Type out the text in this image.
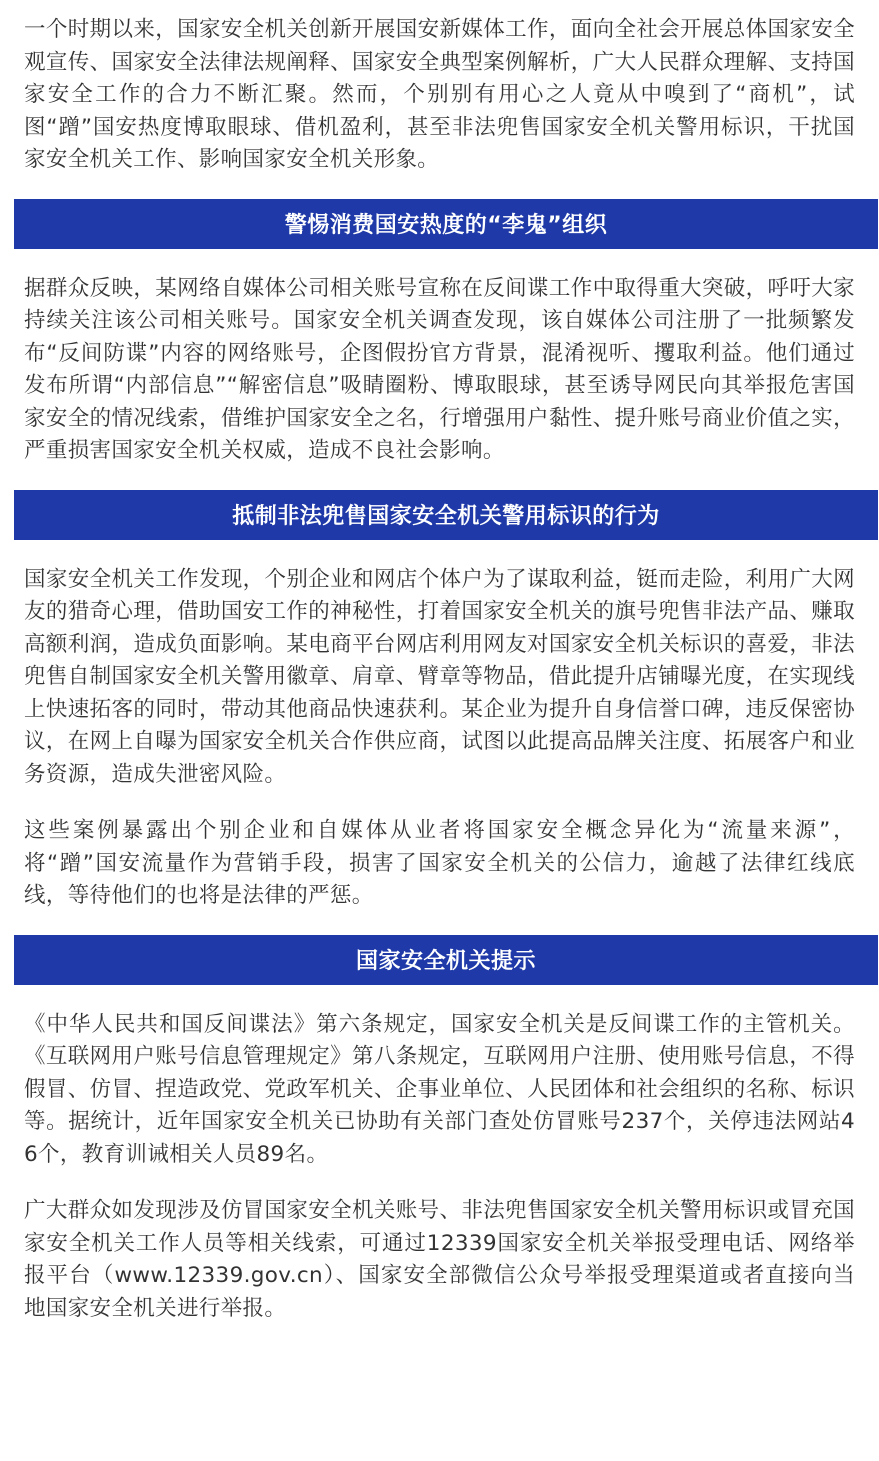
一个时期以来，国家安全机关创新开展国安新媒体工作，面向全社会开展总体国家安全观宣传、国家安全法律法规阐释、国家安全典型案例解析，广大人民群众理解、支持国家安全工作的合力不断汇聚。然而，个别别有用心之人竟从中嗅到了“商机”，试图“蹭”国安热度博取眼球、借机盈利，甚至非法兜售国家安全机关警用标识，干扰国家安全机关工作、影响国家安全机关形象。

警惕消费国安热度的“李鬼”组织

据群众反映，某网络自媒体公司相关账号宣称在反间谍工作中取得重大突破，呼吁大家持续关注该公司相关账号。国家安全机关调查发现，该自媒体公司注册了一批频繁发布“反间防谍”内容的网络账号，企图假扮官方背景，混淆视听、攫取利益。他们通过发布所谓“内部信息”“解密信息”吸睛圈粉、博取眼球，甚至诱导网民向其举报危害国家安全的情况线索，借维护国家安全之名，行增强用户黏性、提升账号商业价值之实，严重损害国家安全机关权威，造成不良社会影响。

抵制非法兜售国家安全机关警用标识的行为

国家安全机关工作发现，个别企业和网店个体户为了谋取利益，铤而走险，利用广大网友的猎奇心理，借助国安工作的神秘性，打着国家安全机关的旗号兜售非法产品、赚取高额利润，造成负面影响。某电商平台网店利用网友对国家安全机关标识的喜爱，非法兜售自制国家安全机关警用徽章、肩章、臂章等物品，借此提升店铺曝光度，在实现线上快速拓客的同时，带动其他商品快速获利。某企业为提升自身信誉口碑，违反保密协议，在网上自曝为国家安全机关合作供应商，试图以此提高品牌关注度、拓展客户和业务资源，造成失泄密风险。

这些案例暴露出个别企业和自媒体从业者将国家安全概念异化为“流量来源”，将“蹭”国安流量作为营销手段，损害了国家安全机关的公信力，逾越了法律红线底线，等待他们的也将是法律的严惩。

国家安全机关提示

《中华人民共和国反间谍法》第六条规定，国家安全机关是反间谍工作的主管机关。《互联网用户账号信息管理规定》第八条规定，互联网用户注册、使用账号信息，不得假冒、仿冒、捏造政党、党政军机关、企事业单位、人民团体和社会组织的名称、标识等。据统计，近年国家安全机关已协助有关部门查处仿冒账号237个，关停违法网站46个，教育训诫相关人员89名。

广大群众如发现涉及仿冒国家安全机关账号、非法兜售国家安全机关警用标识或冒充国家安全机关工作人员等相关线索，可通过12339国家安全机关举报受理电话、网络举报平台（www.12339.gov.cn）、国家安全部微信公众号举报受理渠道或者直接向当地国家安全机关进行举报。
